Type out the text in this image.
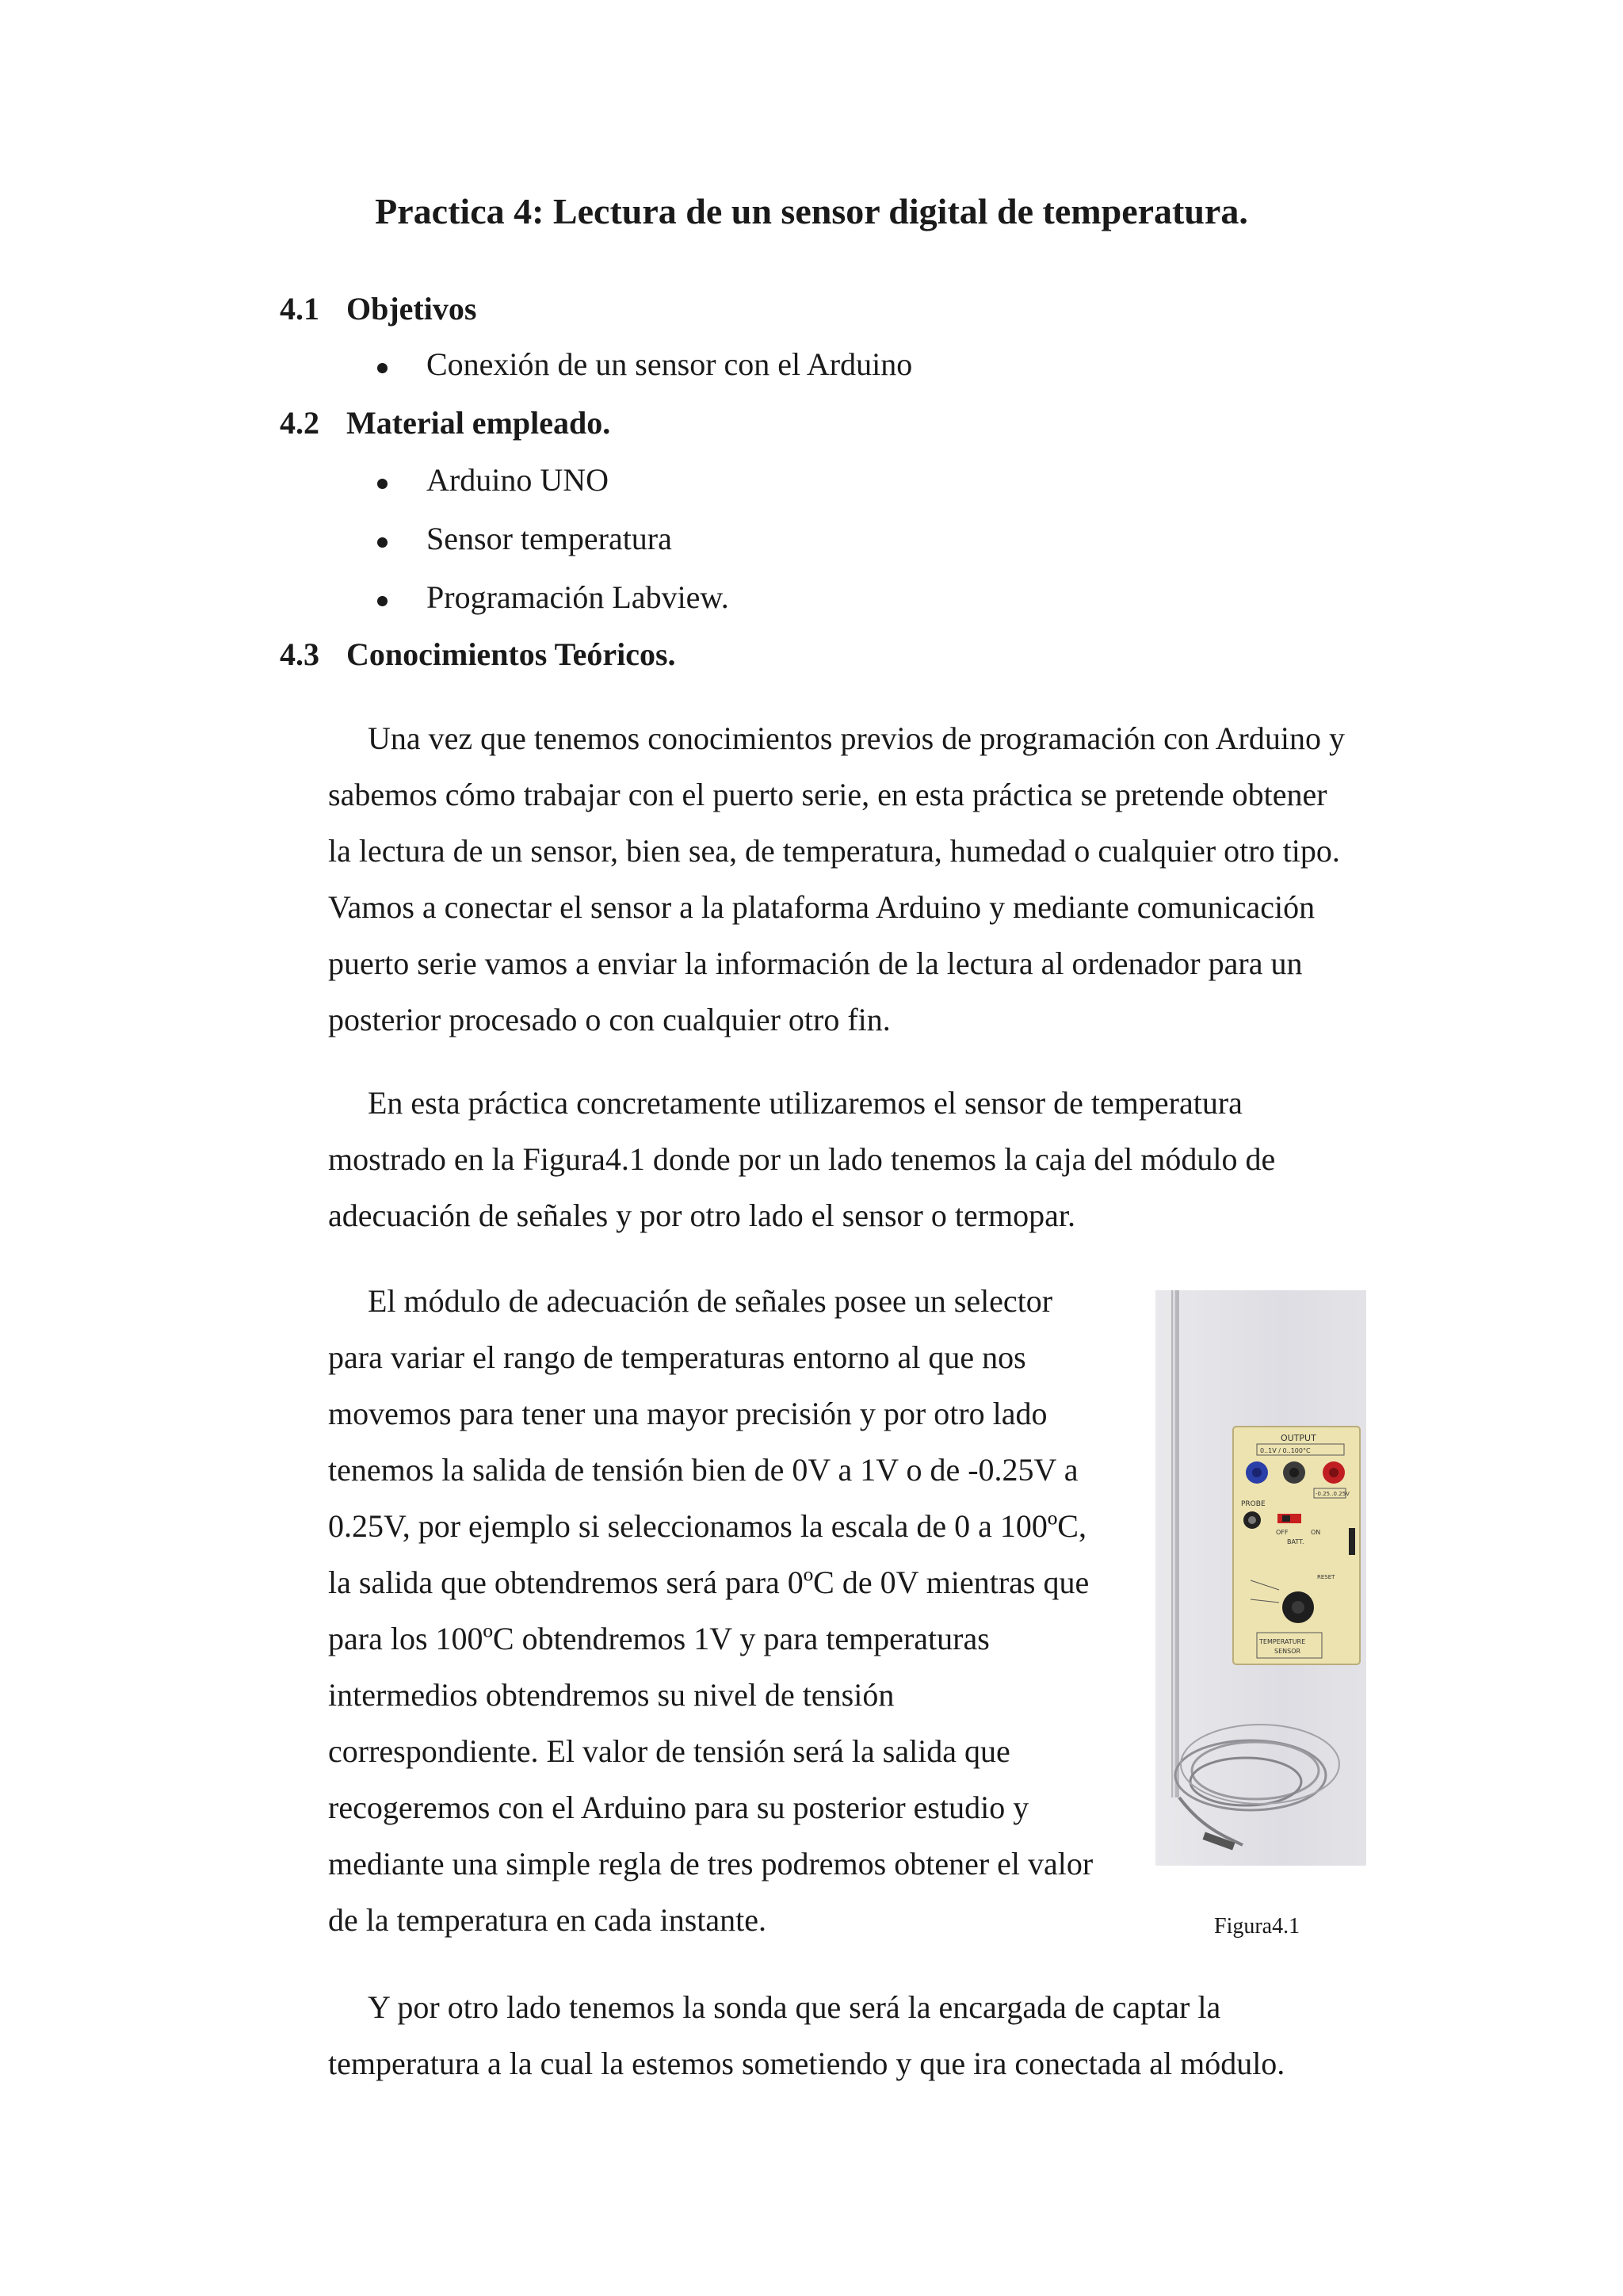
Practica 4: Lectura de un sensor digital de temperatura.
4.1 Objetivos
Conexión de un sensor con el Arduino
4.2 Material empleado.
Arduino UNO
Sensor temperatura
Programación Labview.
4.3 Conocimientos Teóricos.
Una vez que tenemos conocimientos previos de programación con Arduino y
sabemos cómo trabajar con el puerto serie, en esta práctica se pretende obtener
la lectura de un sensor, bien sea, de temperatura, humedad o cualquier otro tipo.
Vamos a conectar el sensor a la plataforma Arduino y mediante comunicación
puerto serie vamos a enviar la información de la lectura al ordenador para un
posterior procesado o con cualquier otro fin.
En esta práctica concretamente utilizaremos el sensor de temperatura
mostrado en la Figura4.1 donde por un lado tenemos la caja del módulo de
adecuación de señales y por otro lado el sensor o termopar.
El módulo de adecuación de señales posee un selector
para variar el rango de temperaturas entorno al que nos
movemos para tener una mayor precisión y por otro lado
tenemos la salida de tensión bien de 0V a 1V o de -0.25V a
0.25V, por ejemplo si seleccionamos la escala de 0 a 100ºC,
la salida que obtendremos será para 0ºC de 0V mientras que
para los 100ºC obtendremos 1V y para temperaturas
intermedios obtendremos su nivel de tensión
correspondiente. El valor de tensión será la salida que
recogeremos con el Arduino para su posterior estudio y
mediante una simple regla de tres podremos obtener el valor
de la temperatura en cada instante.
OUTPUT
0..1V / 0..100°C
-0.25..0.25V
PROBE
OFF	ON
BATT.
RESET
TEMPERATURE
SENSOR
Figura4.1
Y por otro lado tenemos la sonda que será la encargada de captar la
temperatura a la cual la estemos sometiendo y que ira conectada al módulo.
